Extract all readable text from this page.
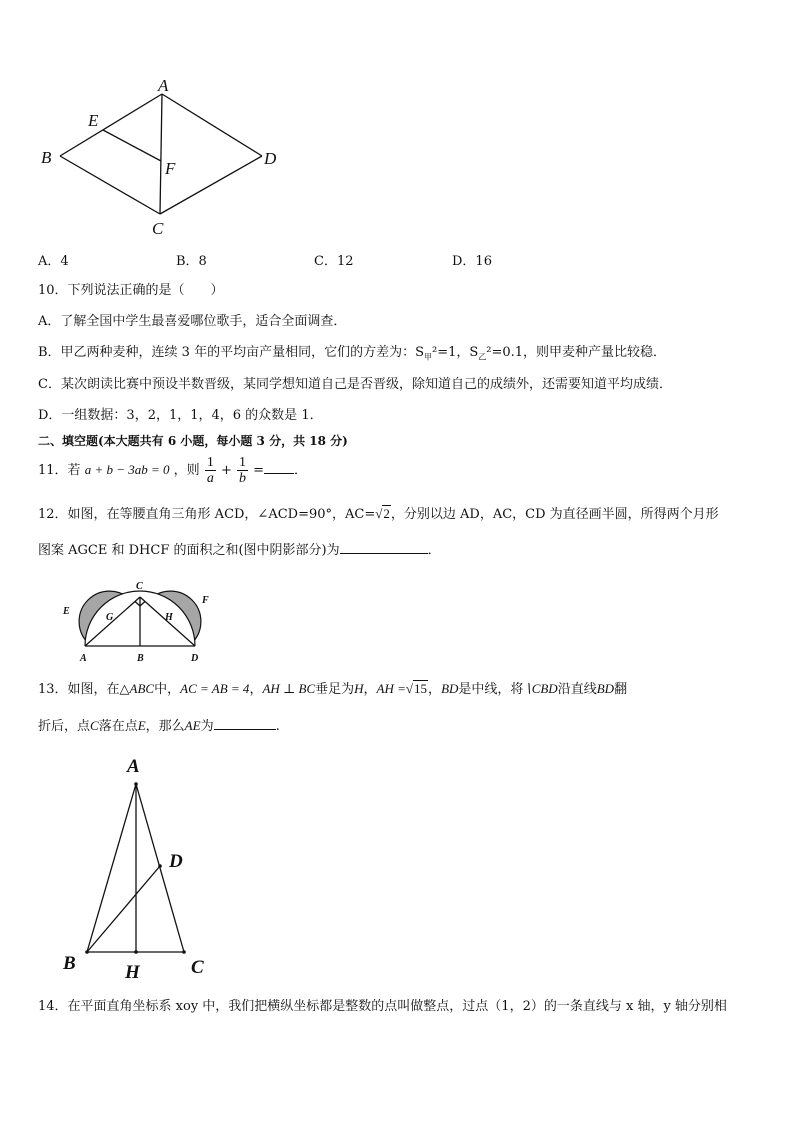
A
B
C
D
E
F
A．4	B．8	C．12	D．16
10．下列说法正确的是（　　）
A．了解全国中学生最喜爱哪位歌手，适合全面调查．
B．甲乙两种麦种，连续 3 年的平均亩产量相同，它们的方差为：$S_甲^2=1$，$S_乙^2=0.1$，则甲麦种产量比较稳．
C．某次朗读比赛中预设半数晋级，某同学想知道自己是否晋级，除知道自己的成绩外，还需要知道平均成绩．
D．一组数据：3，2，1，1，4，6 的众数是 1．
二、填空题(本大题共有 6 小题，每小题 3 分，共 18 分)
11．若 a + b − 3ab = 0 ，则 $\frac{1}{a} + \frac{1}{b}$ = ．
12．如图，在等腰直角三角形 ACD，∠ACD=90°，AC=√2，分别以边 AD，AC，CD 为直径画半圆，所得两个月形
图案 AGCE 和 DHCF 的面积之和(图中阴影部分)为	．
C
E
F
G	H
A	B	D
13．如图，在△ABC中，AC = AB = 4，AH ⊥ BC垂足为H，AH =√15，BD是中线，将∖CBD沿直线BD翻
折后，点C落在点E，那么AE为	.
A
D
B	H	C
14．在平面直角坐标系 xoy 中，我们把横纵坐标都是整数的点叫做整点，过点（1，2）的一条直线与 x 轴，y 轴分别相
